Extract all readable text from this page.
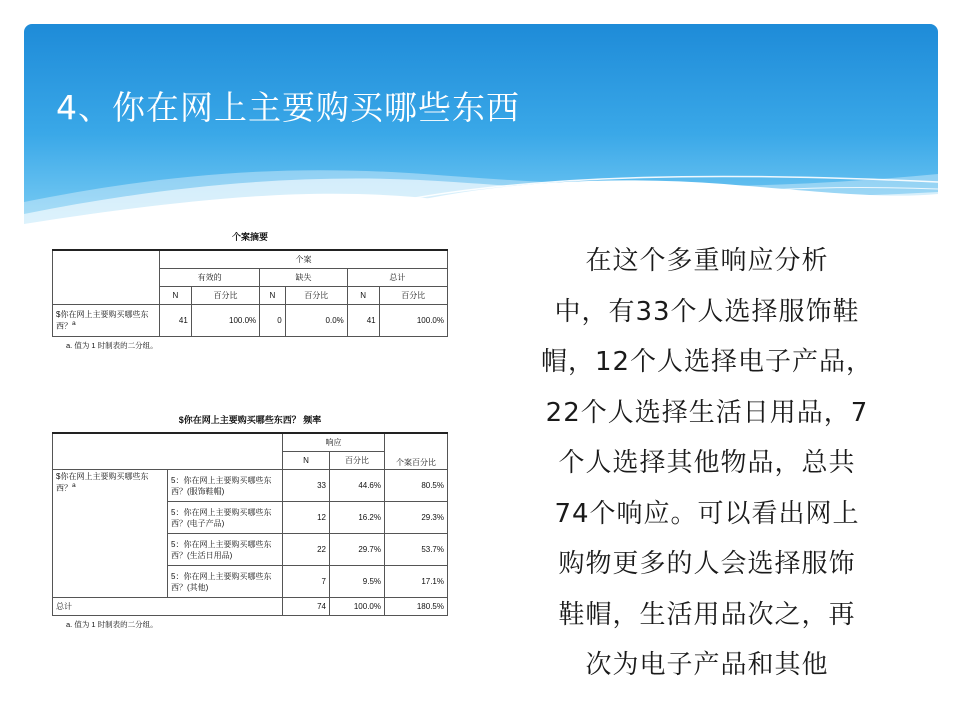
4、你在网上主要购买哪些东西
个案摘要
	个案					
	有效的		缺失		总计	
	N	百分比	N	百分比	N	百分比
$你在网上主要购买哪些东西？$^a$	41	100.0%	0	0.0%	41	100.0%
a. 值为 1 时制表的二分组。
$你在网上主要购买哪些东西？ 频率
		响应		个案百分比
		N	百分比	
$你在网上主要购买哪些东西？$^a$	5：你在网上主要购买哪些东西？(服饰鞋帽)	33	44.6%	80.5%
	5：你在网上主要购买哪些东西？(电子产品)	12	16.2%	29.3%
	5：你在网上主要购买哪些东西？(生活日用品)	22	29.7%	53.7%
	5：你在网上主要购买哪些东西？(其他)	7	9.5%	17.1%
总计		74	100.0%	180.5%
a. 值为 1 时制表的二分组。
在这个多重响应分析
中，有33个人选择服饰鞋
帽，12个人选择电子产品，
22个人选择生活日用品，7
个人选择其他物品，总共
74个响应。可以看出网上
购物更多的人会选择服饰
鞋帽，生活用品次之，再
次为电子产品和其他
